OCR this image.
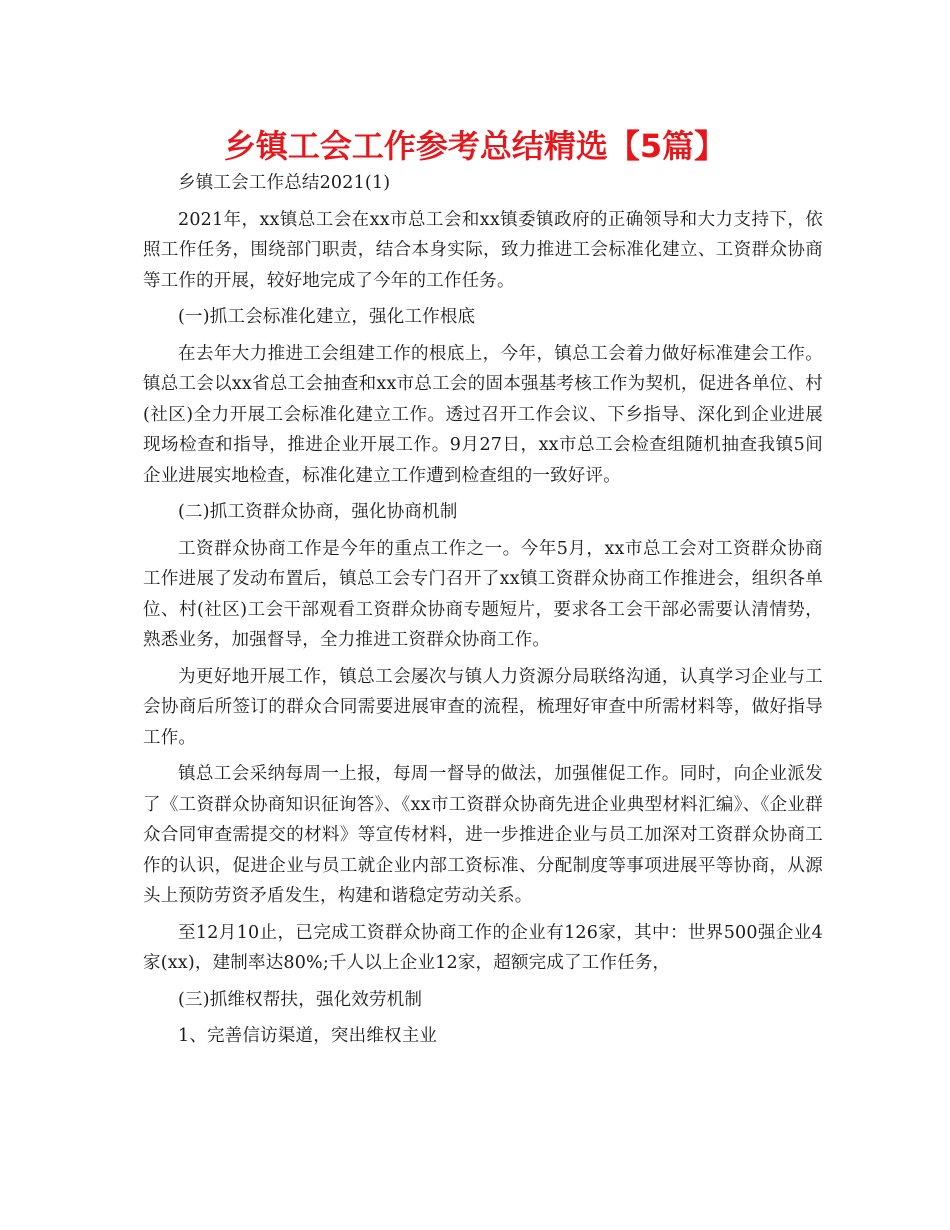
乡镇工会工作参考总结精选【5篇】

乡镇工会工作总结2021(1)

2021年，xx镇总工会在xx市总工会和xx镇委镇政府的正确领导和大力支持下，依照工作任务，围绕部门职责，结合本身实际，致力推进工会标准化建立、工资群众协商等工作的开展，较好地完成了今年的工作任务。

(一)抓工会标准化建立，强化工作根底

在去年大力推进工会组建工作的根底上，今年，镇总工会着力做好标准建会工作。镇总工会以xx省总工会抽查和xx市总工会的固本强基考核工作为契机，促进各单位、村(社区)全力开展工会标准化建立工作。透过召开工作会议、下乡指导、深化到企业进展现场检查和指导，推进企业开展工作。9月27日，xx市总工会检查组随机抽查我镇5间企业进展实地检查，标准化建立工作遭到检查组的一致好评。

(二)抓工资群众协商，强化协商机制

工资群众协商工作是今年的重点工作之一。今年5月，xx市总工会对工资群众协商工作进展了发动布置后，镇总工会专门召开了xx镇工资群众协商工作推进会，组织各单位、村(社区)工会干部观看工资群众协商专题短片，要求各工会干部必需要认清情势，熟悉业务，加强督导，全力推进工资群众协商工作。

为更好地开展工作，镇总工会屡次与镇人力资源分局联络沟通，认真学习企业与工会协商后所签订的群众合同需要进展审查的流程，梳理好审查中所需材料等，做好指导工作。

镇总工会采纳每周一上报，每周一督导的做法，加强催促工作。同时，向企业派发了《工资群众协商知识征询答》、《xx市工资群众协商先进企业典型材料汇编》、《企业群众合同审查需提交的材料》等宣传材料，进一步推进企业与员工加深对工资群众协商工作的认识，促进企业与员工就企业内部工资标准、分配制度等事项进展平等协商，从源头上预防劳资矛盾发生，构建和谐稳定劳动关系。

至12月10止，已完成工资群众协商工作的企业有126家，其中：世界500强企业4家(xx)，建制率达80%;千人以上企业12家，超额完成了工作任务，

(三)抓维权帮扶，强化效劳机制

1、完善信访渠道，突出维权主业
